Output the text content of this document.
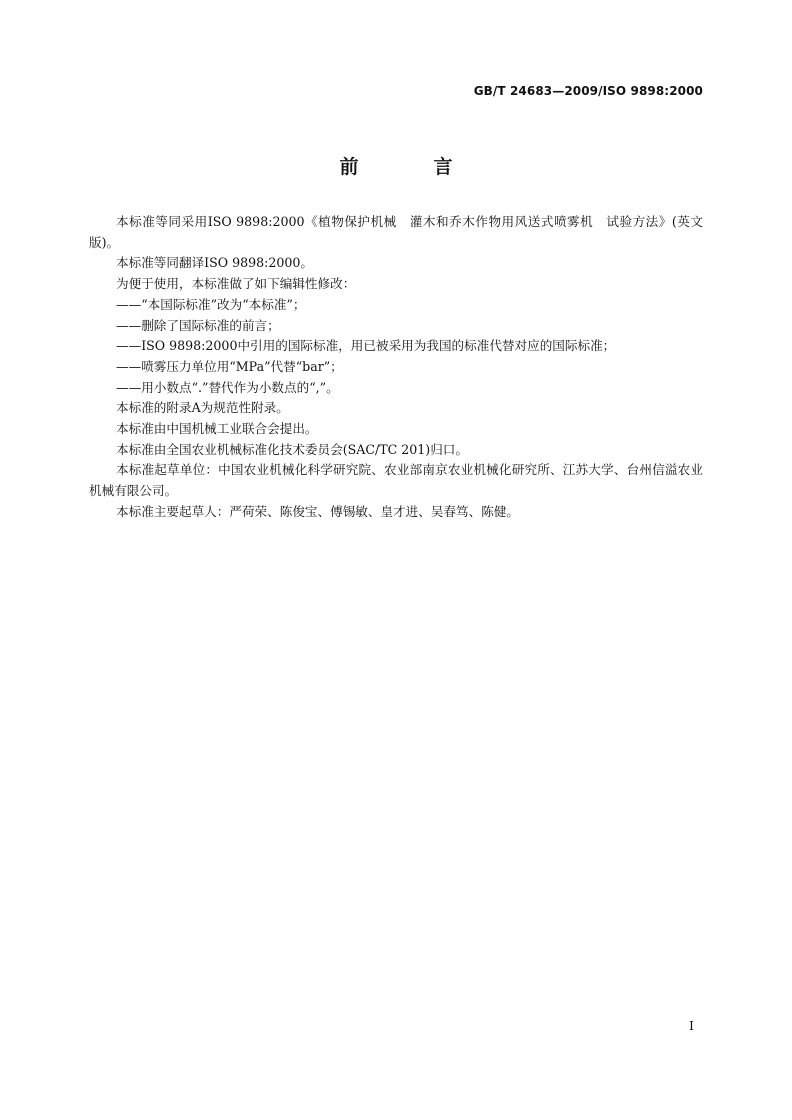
GB/T 24683—2009/ISO 9898:2000
前　言

本标准等同采用ISO 9898:2000《植物保护机械　灌木和乔木作物用风送式喷雾机　试验方法》(英文版)。

本标准等同翻译ISO 9898:2000。

为便于使用，本标准做了如下编辑性修改：

——“本国际标准”改为“本标准”；

——删除了国际标准的前言；

——ISO 9898:2000中引用的国际标准，用已被采用为我国的标准代替对应的国际标准；

——喷雾压力单位用“MPa”代替“bar”；

——用小数点“.”替代作为小数点的“,”。

本标准的附录A为规范性附录。

本标准由中国机械工业联合会提出。

本标准由全国农业机械标准化技术委员会(SAC/TC 201)归口。

本标准起草单位：中国农业机械化科学研究院、农业部南京农业机械化研究所、江苏大学、台州信溢农业机械有限公司。

本标准主要起草人：严荷荣、陈俊宝、傅锡敏、皇才进、吴春笃、陈健。

I
